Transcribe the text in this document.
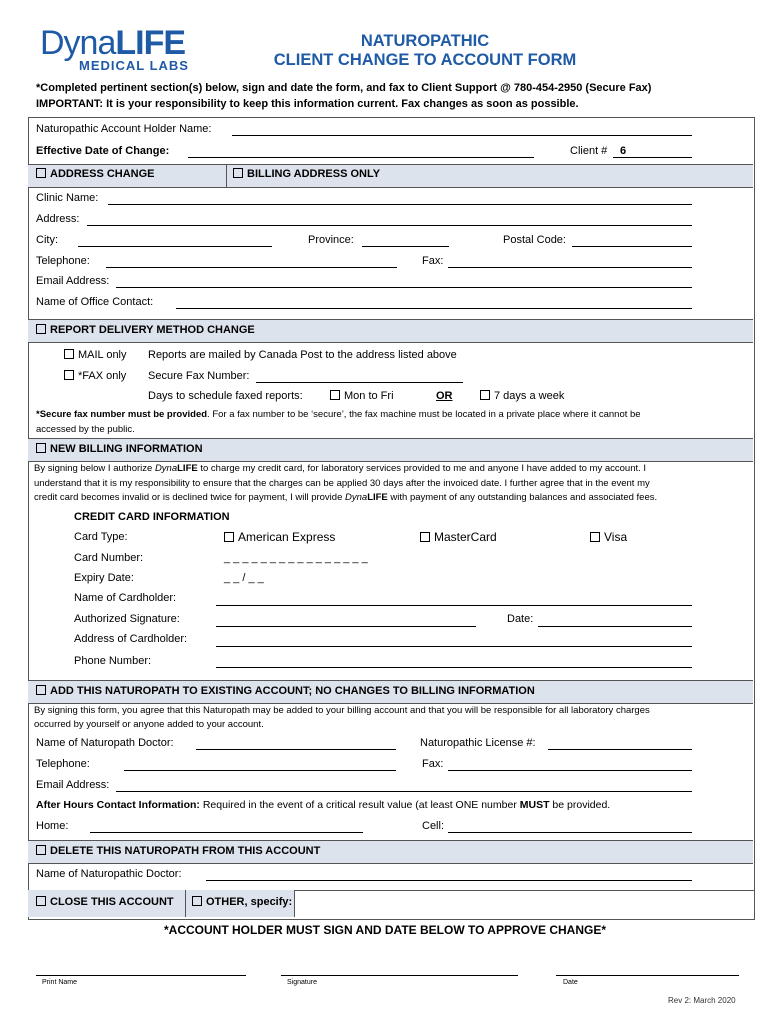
DynaLIFE
MEDICAL LABS
NATUROPATHIC
CLIENT CHANGE TO ACCOUNT FORM
*Completed pertinent section(s) below, sign and date the form, and fax to Client Support @ 780-454-2950 (Secure Fax)
IMPORTANT: It is your responsibility to keep this information current. Fax changes as soon as possible.
Naturopathic Account Holder Name:
Effective Date of Change:	Client # 6
ADDRESS CHANGE	BILLING ADDRESS ONLY
Clinic Name:
Address:
City:	Province:	Postal Code:
Telephone:	Fax:
Email Address:
Name of Office Contact:
REPORT DELIVERY METHOD CHANGE
MAIL only Reports are mailed by Canada Post to the address listed above
*FAX only Secure Fax Number:
Days to schedule faxed reports:	Mon to Fri	OR	7 days a week
*Secure fax number must be provided. For a fax number to be ‘secure’, the fax machine must be located in a private place where it cannot be
accessed by the public.
NEW BILLING INFORMATION
By signing below I authorize DynaLIFE to charge my credit card, for laboratory services provided to me and anyone I have added to my account. I
understand that it is my responsibility to ensure that the charges can be applied 30 days after the invoiced date. I further agree that in the event my
credit card becomes invalid or is declined twice for payment, I will provide DynaLIFE with payment of any outstanding balances and associated fees.
CREDIT CARD INFORMATION
Card Type:	American Express	MasterCard	Visa
Card Number:	_ _ _ _ _ _ _ _ _ _ _ _ _ _ _ _
Expiry Date:	_ _ / _ _
Name of Cardholder:
Authorized Signature:	Date:
Address of Cardholder:
Phone Number:
ADD THIS NATUROPATH TO EXISTING ACCOUNT; NO CHANGES TO BILLING INFORMATION
By signing this form, you agree that this Naturopath may be added to your billing account and that you will be responsible for all laboratory charges
occurred by yourself or anyone added to your account.
Name of Naturopath Doctor:	Naturopathic License #:
Telephone:	Fax:
Email Address:
After Hours Contact Information: Required in the event of a critical result value (at least ONE number MUST be provided.
Home:	Cell:
DELETE THIS NATUROPATH FROM THIS ACCOUNT
Name of Naturopathic Doctor:
CLOSE THIS ACCOUNT	OTHER, specify:
*ACCOUNT HOLDER MUST SIGN AND DATE BELOW TO APPROVE CHANGE*
Print Name	Signature	Date
Rev 2: March 2020
